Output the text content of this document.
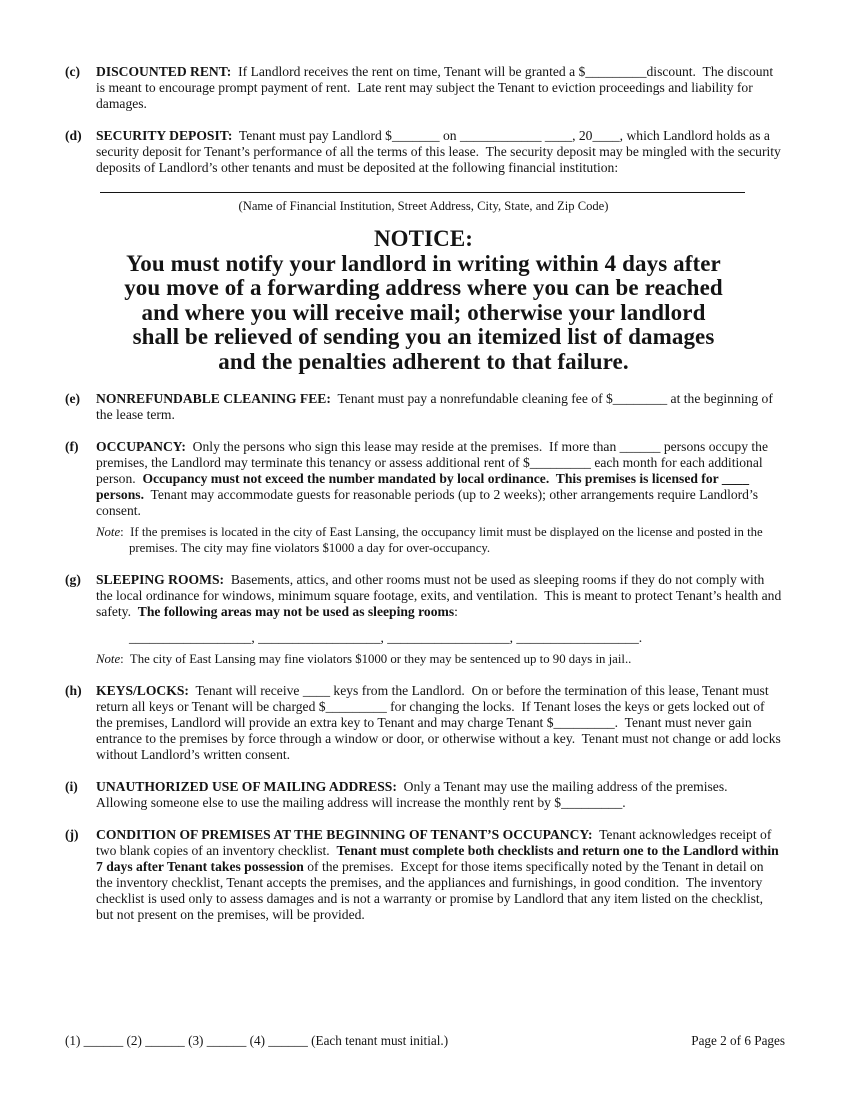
(c)	DISCOUNTED RENT:  If Landlord receives the rent on time, Tenant will be granted a $_________discount.  The discount is meant to encourage prompt payment of rent.  Late rent may subject the Tenant to eviction proceedings and liability for damages.
(d)	SECURITY DEPOSIT:  Tenant must pay Landlord $_______ on ____________ ____, 20____, which Landlord holds as a security deposit for Tenant’s performance of all the terms of this lease.  The security deposit may be mingled with the security deposits of Landlord’s other tenants and must be deposited at the following financial institution:
(Name of Financial Institution, Street Address, City, State, and Zip Code)
NOTICE:
You must notify your landlord in writing within 4 days after
you move of a forwarding address where you can be reached
and where you will receive mail; otherwise your landlord
shall be relieved of sending you an itemized list of damages
and the penalties adherent to that failure.
(e)	NONREFUNDABLE CLEANING FEE:  Tenant must pay a nonrefundable cleaning fee of $________ at the beginning of the lease term.
(f)	OCCUPANCY:  Only the persons who sign this lease may reside at the premises.  If more than ______ persons occupy the premises, the Landlord may terminate this tenancy or assess additional rent of $_________ each month for each additional person.  Occupancy must not exceed the number mandated by local ordinance.  This premises is licensed for ____ persons.  Tenant may accommodate guests for reasonable periods (up to 2 weeks); other arrangements require Landlord’s consent.
Note:  If the premises is located in the city of East Lansing, the occupancy limit must be displayed on the license and posted in the premises. The city may fine violators $1000 a day for over-occupancy.
(g)	SLEEPING ROOMS:  Basements, attics, and other rooms must not be used as sleeping rooms if they do not comply with the local ordinance for windows, minimum square footage, exits, and ventilation.  This is meant to protect Tenant’s health and safety.  The following areas may not be used as sleeping rooms:
__________________, __________________, __________________, __________________.
Note:  The city of East Lansing may fine violators $1000 or they may be sentenced up to 90 days in jail..
(h)	KEYS/LOCKS:  Tenant will receive ____ keys from the Landlord.  On or before the termination of this lease, Tenant must return all keys or Tenant will be charged $_________ for changing the locks.  If Tenant loses the keys or gets locked out of the premises, Landlord will provide an extra key to Tenant and may charge Tenant $_________.  Tenant must never gain entrance to the premises by force through a window or door, or otherwise without a key.  Tenant must not change or add locks without Landlord’s written consent.
(i)	UNAUTHORIZED USE OF MAILING ADDRESS:  Only a Tenant may use the mailing address of the premises.  Allowing someone else to use the mailing address will increase the monthly rent by $_________.
(j)	CONDITION OF PREMISES AT THE BEGINNING OF TENANT’S OCCUPANCY:  Tenant acknowledges receipt of two blank copies of an inventory checklist.  Tenant must complete both checklists and return one to the Landlord within 7 days after Tenant takes possession of the premises.  Except for those items specifically noted by the Tenant in detail on the inventory checklist, Tenant accepts the premises, and the appliances and furnishings, in good condition.  The inventory checklist is used only to assess damages and is not a warranty or promise by Landlord that any item listed on the checklist, but not present on the premises, will be provided.
(1) ______ (2) ______ (3) ______ (4) ______ (Each tenant must initial.)	Page 2 of 6 Pages
